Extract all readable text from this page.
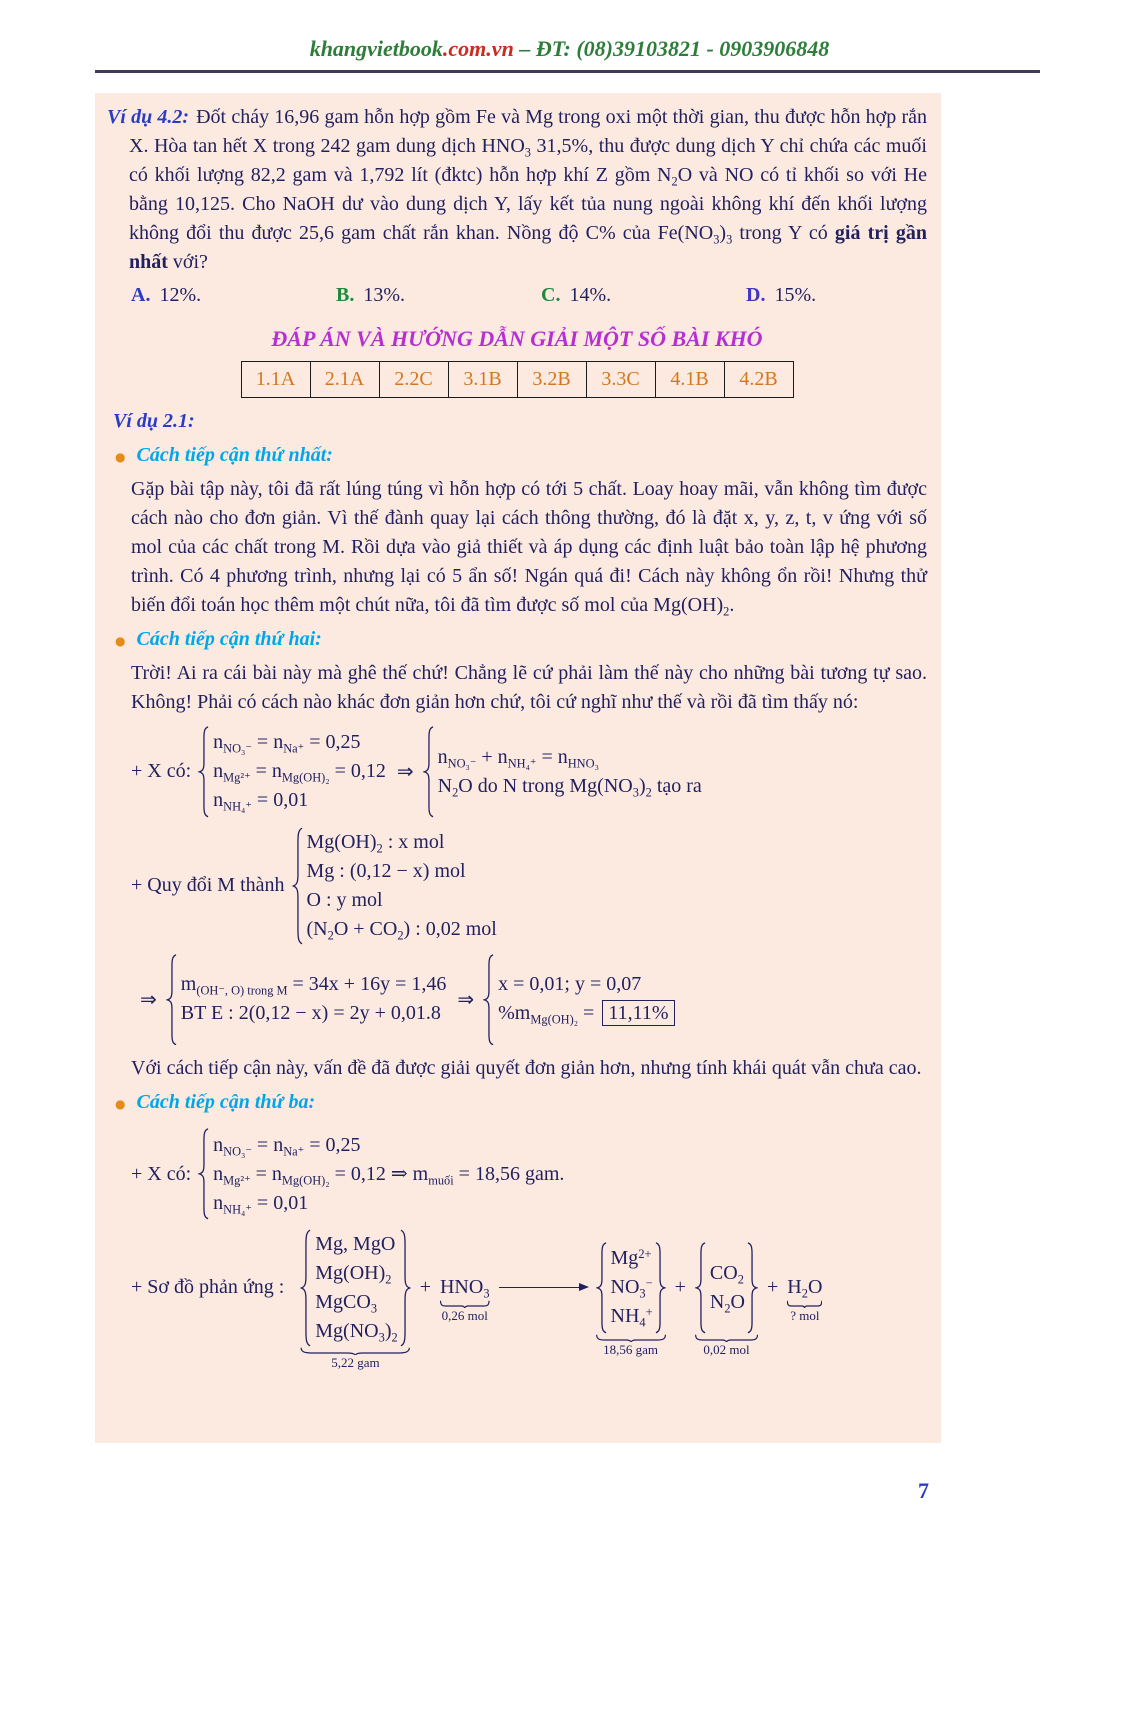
khangvietbook.com.vn – ĐT: (08)39103821 - 0903906848

Ví dụ 4.2: Đốt cháy 16,96 gam hỗn hợp gồm Fe và Mg trong oxi một thời gian, thu được hỗn hợp rắn X. Hòa tan hết X trong 242 gam dung dịch $HNO_3$ 31,5%, thu được dung dịch Y chỉ chứa các muối có khối lượng 82,2 gam và 1,792 lít (đktc) hỗn hợp khí Z gồm $N_2O$ và NO có tỉ khối so với He bằng 10,125. Cho NaOH dư vào dung dịch Y, lấy kết tủa nung ngoài không khí đến khối lượng không đổi thu được 25,6 gam chất rắn khan. Nồng độ C% của $Fe(NO_3)_3$ trong Y có giá trị gần nhất với?

A. 12%.	B. 13%.	C. 14%.	D. 15%.
ĐÁP ÁN VÀ HƯỚNG DẪN GIẢI MỘT SỐ BÀI KHÓ
1.1A	2.1A	2.2C	3.1B	3.2B	3.3C	4.1B	4.2B

Ví dụ 2.1:

● Cách tiếp cận thứ nhất:

Gặp bài tập này, tôi đã rất lúng túng vì hỗn hợp có tới 5 chất. Loay hoay mãi, vẫn không tìm được cách nào cho đơn giản. Vì thế đành quay lại cách thông thường, đó là đặt x, y, z, t, v ứng với số mol của các chất trong M. Rồi dựa vào giả thiết và áp dụng các định luật bảo toàn lập hệ phương trình. Có 4 phương trình, nhưng lại có 5 ẩn số! Ngán quá đi! Cách này không ổn rồi! Nhưng thử biến đổi toán học thêm một chút nữa, tôi đã tìm được số mol của $Mg(OH)_2$.

● Cách tiếp cận thứ hai:

Trời! Ai ra cái bài này mà ghê thế chứ! Chẳng lẽ cứ phải làm thế này cho những bài tương tự sao. Không! Phải có cách nào khác đơn giản hơn chứ, tôi cứ nghĩ như thế và rồi đã tìm thấy nó:

+ X có:
$n_{NO_3^-} = n_{Na^+} = 0,25$
$n_{Mg^{2+}} = n_{Mg(OH)_2} = 0,12$
$n_{NH_4^+} = 0,01$
⇒
$n_{NO_3^-} + n_{NH_4^+} = n_{HNO_3}$
$N_2O$ do N trong $Mg(NO_3)_2$ tạo ra
+ Quy đổi M thành
$Mg(OH)_2$ : x mol
Mg : (0,12 − x) mol
O : y mol
$(N_2O + CO_2)$ : 0,02 mol
⇒
$m_{(OH^-, O) trong M} = 34x + 16y = 1,46$
BT E : 2(0,12 − x) = 2y + 0,01.8
⇒
x = 0,01; y = 0,07
$\%m_{Mg(OH)_2} = 11,11\%$

Với cách tiếp cận này, vấn đề đã được giải quyết đơn giản hơn, nhưng tính khái quát vẫn chưa cao.

● Cách tiếp cận thứ ba:
+ X có:
$n_{NO_3^-} = n_{Na^+} = 0,25$
$n_{Mg^{2+}} = n_{Mg(OH)_2} = 0,12$ ⇒ $m_{muối} = 18,56$ gam.
$n_{NH_4^+} = 0,01$
+ Sơ đồ phản ứng :
Mg, MgO
$Mg(OH)_2$
MgCO$_3$
$Mg(NO_3)_2$
5,22 gam
+ $HNO_3$
0,26 mol
$Mg^{2+}$
$NO_3^-$
$NH_4^+$
18,56 gam
+
$CO_2$
$N_2O$
0,02 mol
+ $H_2O$
? mol
7
